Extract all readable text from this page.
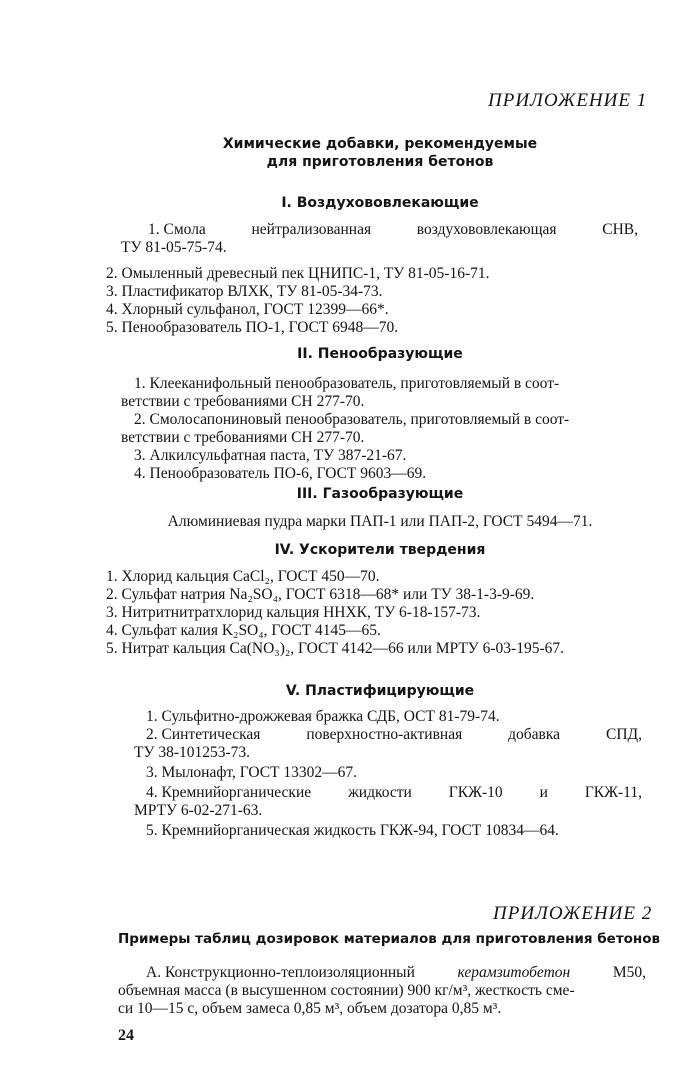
ПРИЛОЖЕНИЕ 1
Химические добавки, рекомендуемые
для приготовления бетонов
I. Воздухововлекающие
1. Смола	нейтрализованная	воздухововлекающая	СНВ,
ТУ 81-05-75-74.
2. Омыленный древесный пек ЦНИПС-1, ТУ 81-05-16-71.
3. Пластификатор ВЛХК, ТУ 81-05-34-73.
4. Хлорный сульфанол, ГОСТ 12399—66*.
5. Пенообразователь ПО-1, ГОСТ 6948—70.
II. Пенообразующие
1. Клееканифольный пенообразователь, приготовляемый в соот-
ветствии с требованиями СН 277-70.
2. Смолосапониновый пенообразователь, приготовляемый в соот-
ветствии с требованиями СН 277-70.
3. Алкилсульфатная паста, ТУ 387-21-67.
4. Пенообразователь ПО-6, ГОСТ 9603—69.
III. Газообразующие
Алюминиевая пудра марки ПАП-1 или ПАП-2, ГОСТ 5494—71.
IV. Ускорители твердения
1. Хлорид кальция CaCl₂, ГОСТ 450—70.
2. Сульфат натрия Na₂SO₄, ГОСТ 6318—68* или ТУ 38-1-3-9-69.
3. Нитритнитратхлорид кальция ННХК, ТУ 6-18-157-73.
4. Сульфат калия K₂SO₄, ГОСТ 4145—65.
5. Нитрат кальция Ca(NO₃)₂, ГОСТ 4142—66 или МРТУ 6-03-195-67.
V. Пластифицирующие
1. Сульфитно-дрожжевая бражка СДБ, ОСТ 81-79-74.
2. Синтетическая	поверхностно-активная	добавка	СПД,
ТУ 38-101253-73.
3. Мылонафт, ГОСТ 13302—67.
4. Кремнийорганические жидкости ГКЖ-10 и ГКЖ-11,
МРТУ 6-02-271-63.
5. Кремнийорганическая жидкость ГКЖ-94, ГОСТ 10834—64.
ПРИЛОЖЕНИЕ 2
Примеры таблиц дозировок материалов для приготовления бетонов
А. Конструкционно-теплоизоляционный	керамзитобетон	М50,
объемная масса (в высушенном состоянии) 900 кг/м³, жесткость сме-
си 10—15 с, объем замеса 0,85 м³, объем дозатора 0,85 м³.
24
